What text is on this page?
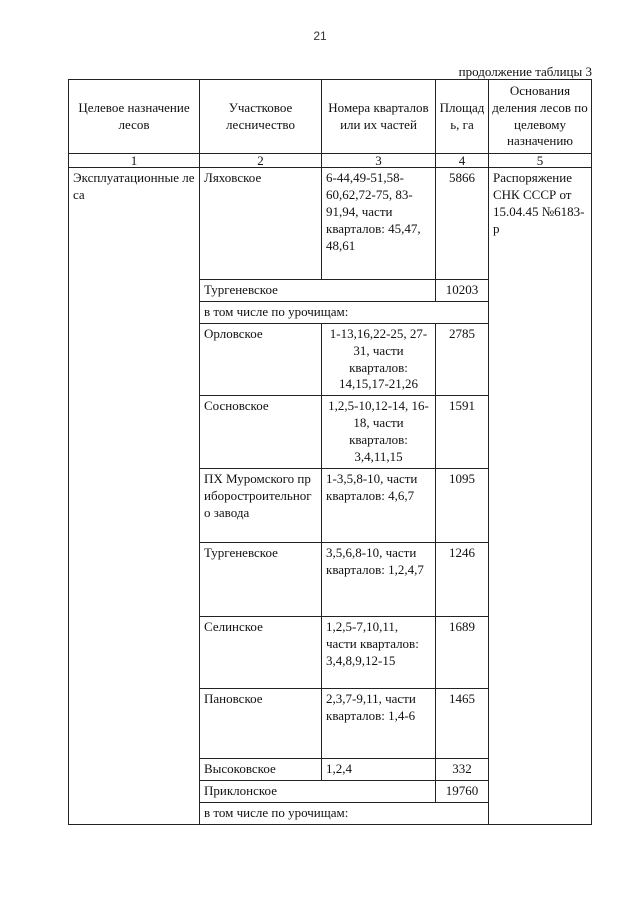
21
продолжение таблицы 3
Целевое назначение лесов	Участковое лесничество	Номера кварталов или их частей	Площадь, га	Основания деления лесов по целевому назначению
1	2	3	4	5
Эксплуатационные леса	Ляховское	6-44,49-51,58-60,62,72-75, 83-91,94, части кварталов: 45,47, 48,61	5866	Распоряжение СНК СССР от 15.04.45 №6183-р
	Тургеневское		10203	
	в том числе по урочищам:			
	Орловское	1-13,16,22-25, 27-31, части кварталов: 14,15,17-21,26	2785	
	Сосновское	1,2,5-10,12-14, 16-18, части кварталов: 3,4,11,15	1591	
	ПХ Муромского приборостроительного завода	1-3,5,8-10, части кварталов: 4,6,7	1095	
	Тургеневское	3,5,6,8-10, части кварталов: 1,2,4,7	1246	
	Селинское	1,2,5-7,10,11, части кварталов: 3,4,8,9,12-15	1689	
	Пановское	2,3,7-9,11, части кварталов: 1,4-6	1465	
	Высоковское	1,2,4	332	
	Приклонское		19760	
	в том числе по урочищам:			
